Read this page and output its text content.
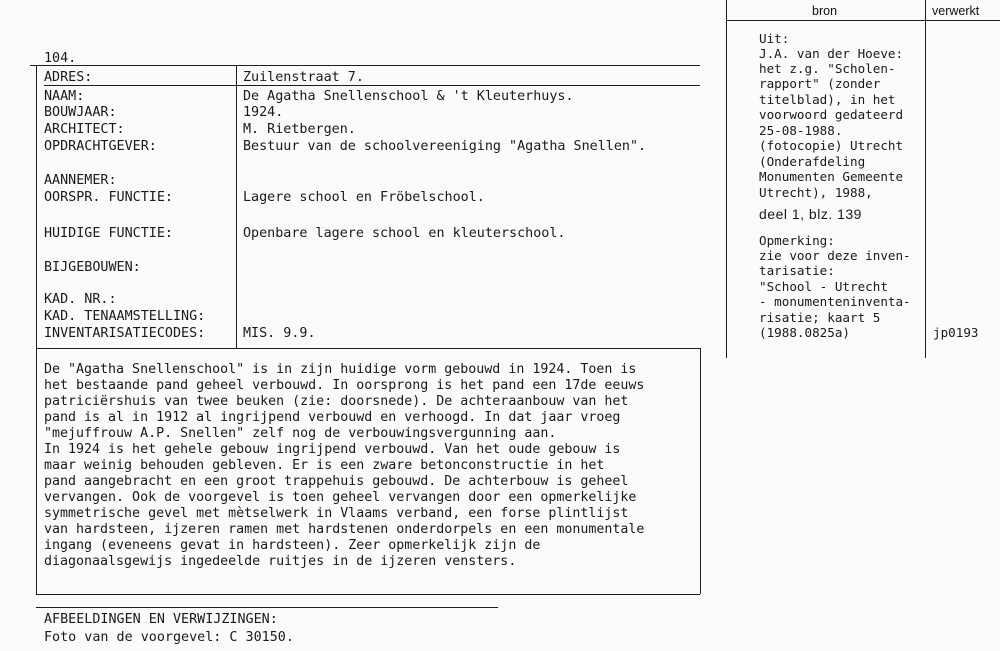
bron	verwerkt
104.
ADRES:	Zuilenstraat 7.
NAAM:	De Agatha Snellenschool & 't Kleuterhuys.
BOUWJAAR:	1924.
ARCHITECT:	M. Rietbergen.
OPDRACHTGEVER:	Bestuur van de schoolvereeniging "Agatha Snellen".
AANNEMER:
OORSPR. FUNCTIE:	Lagere school en Fröbelschool.
HUIDIGE FUNCTIE:	Openbare lagere school en kleuterschool.
BIJGEBOUWEN:
KAD. NR.:
KAD. TENAAMSTELLING:
INVENTARISATIECODES:	MIS. 9.9.
Uit:
J.A. van der Hoeve:
het z.g. "Scholen-
rapport" (zonder
titelblad), in het
voorwoord gedateerd
25-08-1988.
(fotocopie) Utrecht
(Onderafdeling
Monumenten Gemeente
Utrecht), 1988,
deel 1, blz. 139
Opmerking:
zie voor deze inven-
tarisatie:
"School - Utrecht
- monumenteninventa-
risatie; kaart 5
(1988.0825a)	jp0193
De "Agatha Snellenschool" is in zijn huidige vorm gebouwd in 1924. Toen is
het bestaande pand geheel verbouwd. In oorsprong is het pand een 17de eeuws
patriciërshuis van twee beuken (zie: doorsnede). De achteraanbouw van het
pand is al in 1912 al ingrijpend verbouwd en verhoogd. In dat jaar vroeg
"mejuffrouw A.P. Snellen" zelf nog de verbouwingsvergunning aan.
In 1924 is het gehele gebouw ingrijpend verbouwd. Van het oude gebouw is
maar weinig behouden gebleven. Er is een zware betonconstructie in het
pand aangebracht en een groot trappehuis gebouwd. De achterbouw is geheel
vervangen. Ook de voorgevel is toen geheel vervangen door een opmerkelijke
symmetrische gevel met mètselwerk in Vlaams verband, een forse plintlijst
van hardsteen, ijzeren ramen met hardstenen onderdorpels en een monumentale
ingang (eveneens gevat in hardsteen). Zeer opmerkelijk zijn de
diagonaalsgewijs ingedeelde ruitjes in de ijzeren vensters.
AFBEELDINGEN EN VERWIJZINGEN:
Foto van de voorgevel: C 30150.
